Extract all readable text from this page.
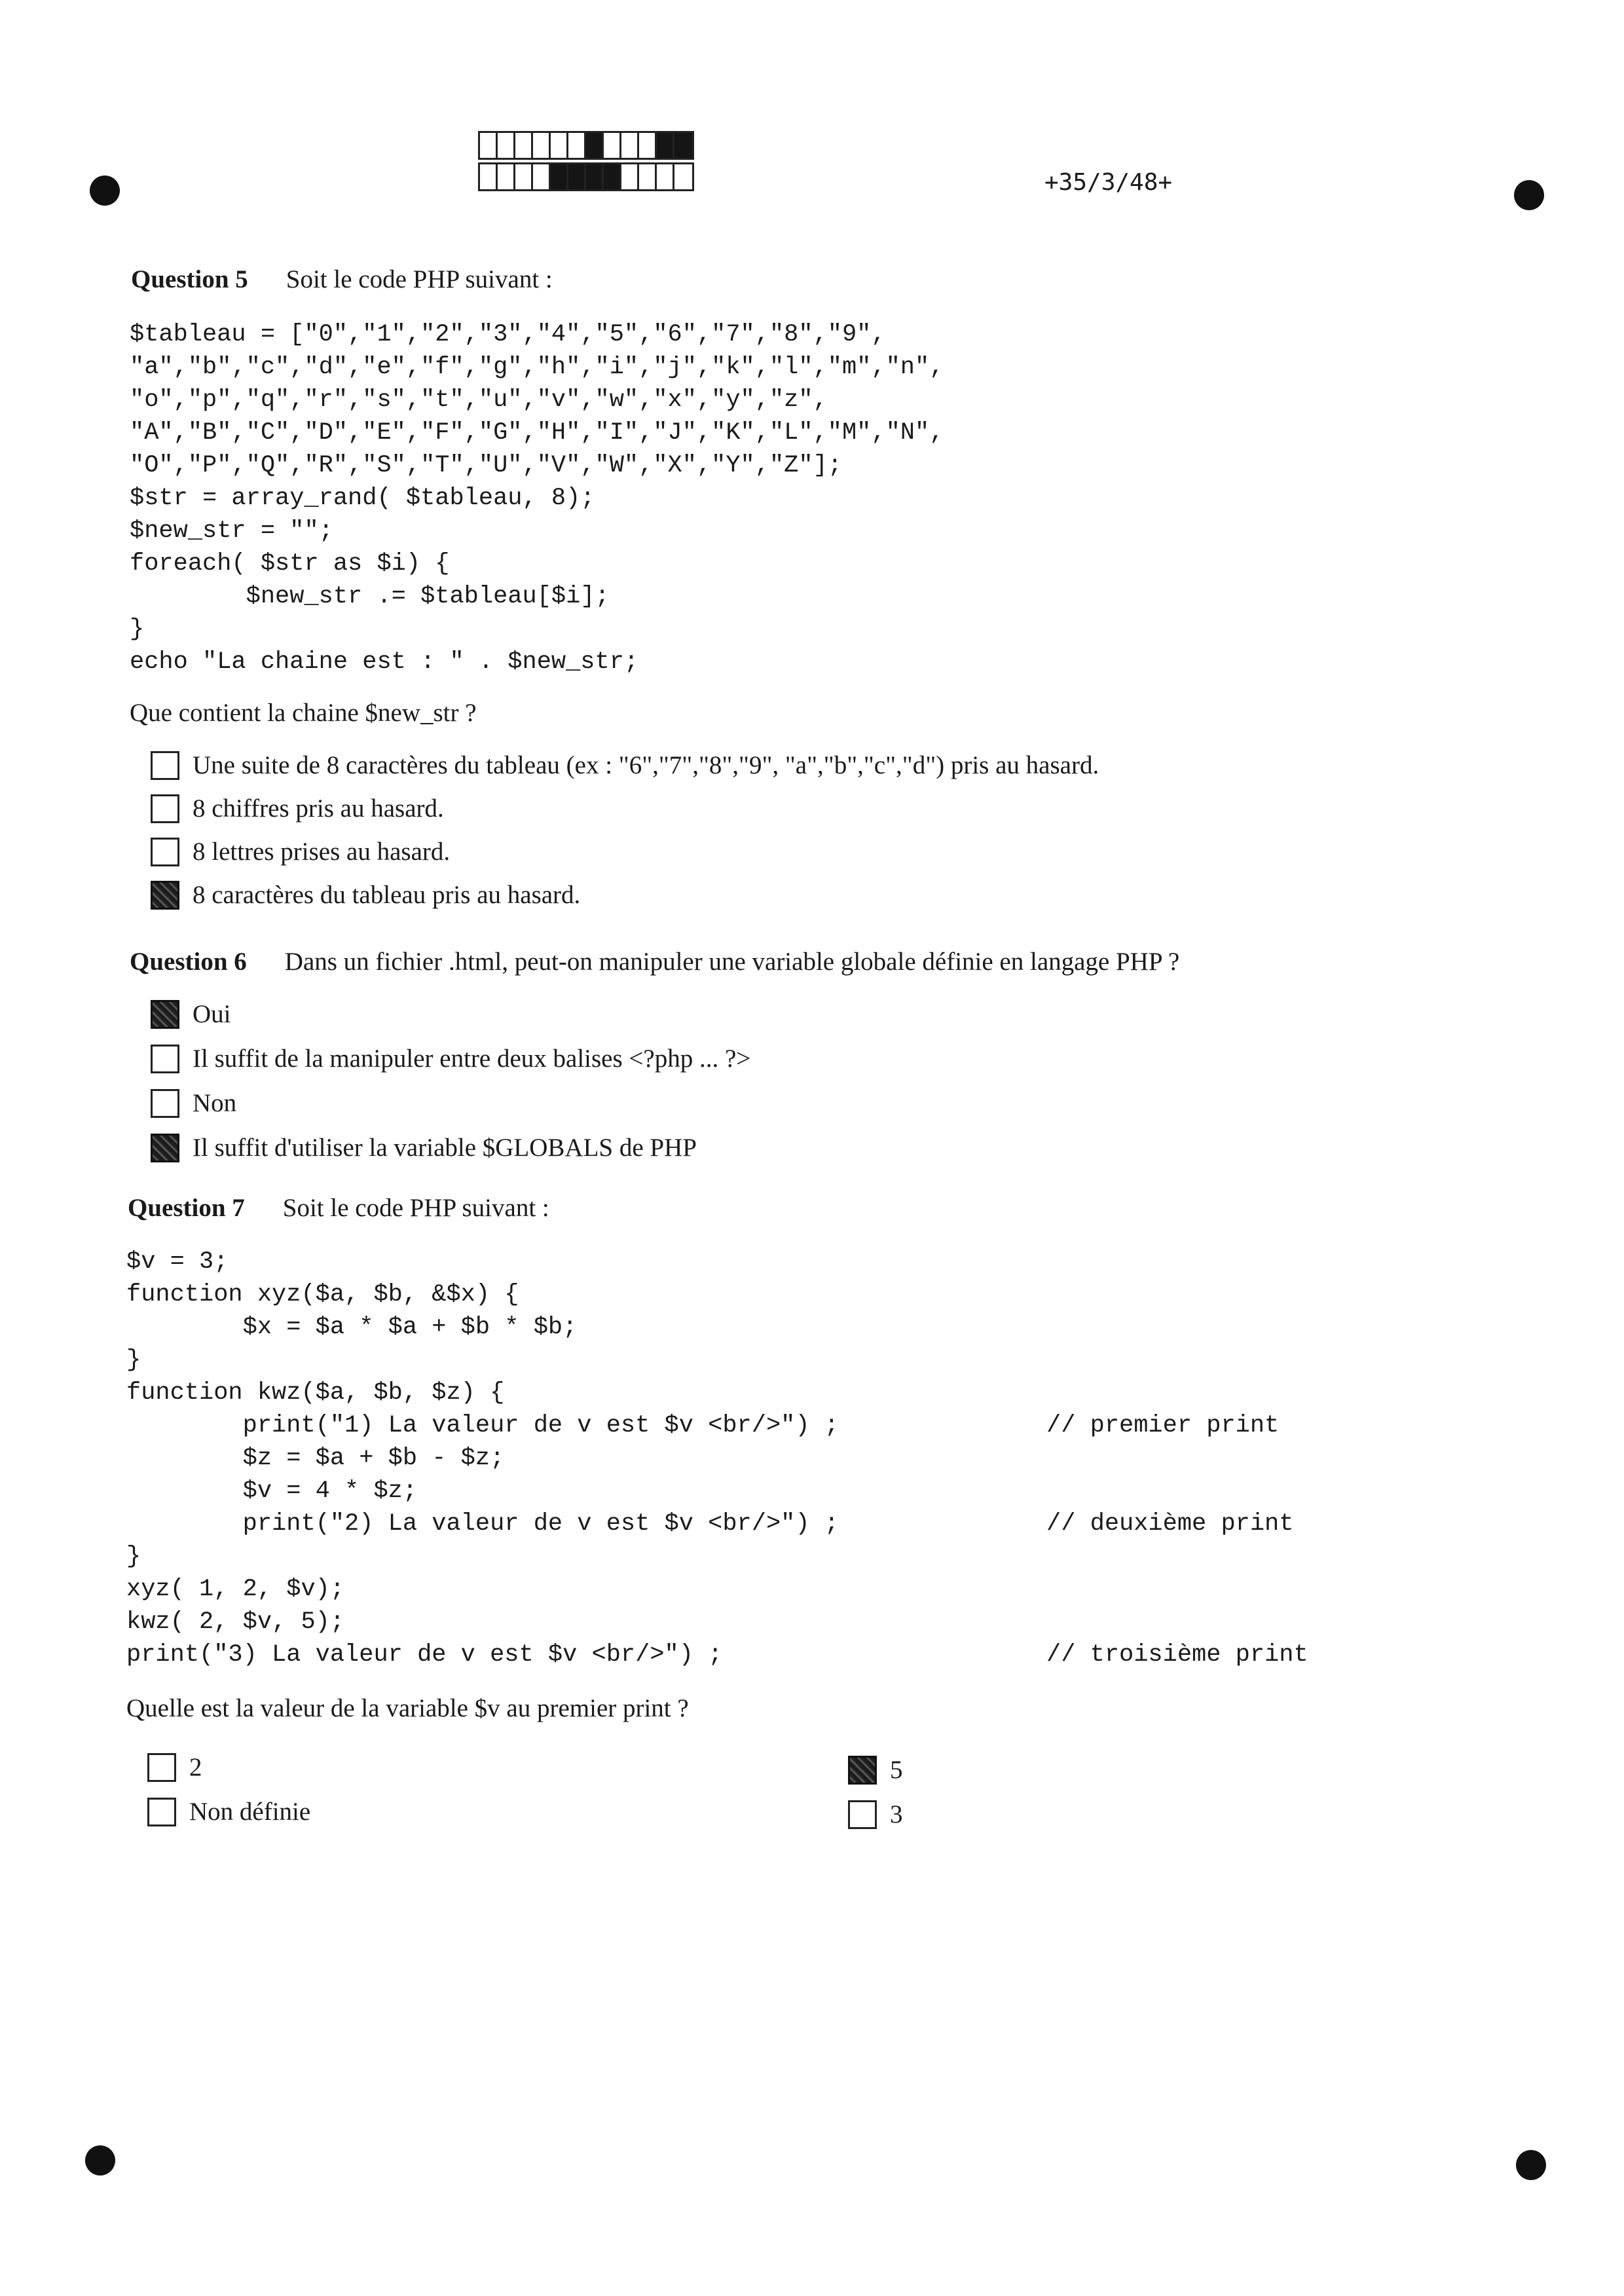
+35/3/48+
Question 5 Soit le code PHP suivant :
$tableau = ["0","1","2","3","4","5","6","7","8","9",
"a","b","c","d","e","f","g","h","i","j","k","l","m","n",
"o","p","q","r","s","t","u","v","w","x","y","z",
"A","B","C","D","E","F","G","H","I","J","K","L","M","N",
"O","P","Q","R","S","T","U","V","W","X","Y","Z"];
$str = array_rand( $tableau, 8);
$new_str = "";
foreach( $str as $i) {
$new_str .= $tableau[$i];
}
echo "La chaine est : " . $new_str;
Que contient la chaine $new_str ?
Une suite de 8 caractères du tableau (ex : "6","7","8","9", "a","b","c","d") pris au hasard.
8 chiffres pris au hasard.
8 lettres prises au hasard.
8 caractères du tableau pris au hasard.
Question 6 Dans un fichier .html, peut-on manipuler une variable globale définie en langage PHP ?
Oui
Il suffit de la manipuler entre deux balises <?php ... ?>
Non
Il suffit d'utiliser la variable $GLOBALS de PHP
Question 7 Soit le code PHP suivant :
$v = 3;
function xyz($a, $b, &$x) {
$x = $a * $a + $b * $b;
}
function kwz($a, $b, $z) {
print("1) La valeur de v est $v <br/>") ;
$z = $a + $b - $z;
$v = 4 * $z;
print("2) La valeur de v est $v <br/>") ;
}
xyz( 1, 2, $v);
kwz( 2, $v, 5);
print("3) La valeur de v est $v <br/>") ;
// premier print
// deuxième print
// troisième print
Quelle est la valeur de la variable $v au premier print ?
2
Non définie
5
3
